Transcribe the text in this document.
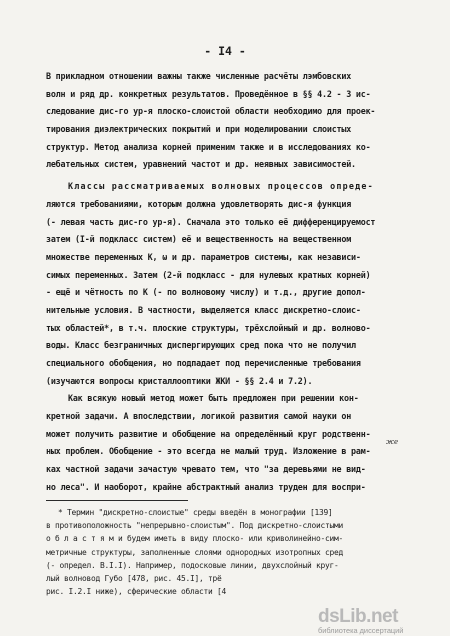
- I4 -
В прикладном отношении важны также численные расчёты лэмбовских
волн и ряд др. конкретных результатов. Проведённое в §§ 4.2 - 3 ис-
следование дис-го ур-я плоско-слоистой области необходимо для проек-
тирования диэлектрических покрытий и при моделировании слоистых
структур. Метод анализа корней применим также и в исследованиях ко-
лебательных систем, уравнений частот и др. неявных зависимостей.
Классы рассматриваемых волновых процессов опреде-
ляются требованиями, которым должна удовлетворять дис-я функция
(- левая часть дис-го ур-я). Сначала это только её дифференцируемост
затем (I-й подкласс систем) её и вещественность на вещественном
множестве переменных K, ω и др. параметров системы, как независи-
симых переменных. Затем (2-й подкласс - для нулевых кратных корней)
- ещё и чётность по K (- по волновому числу) и т.д., другие допол-
нительные условия. В частности, выделяется класс дискретно-слоис-
тых областей*, в т.ч. плоские структуры, трёхслойный и др. волново-
воды. Класс безграничных диспергирующих сред пока что не получил
специального обобщения, но подпадает под перечисленные требования
(изучаются вопросы кристаллооптики ЖКИ - §§ 2.4 и 7.2).
Как всякую новый метод может быть предложен при решении кон-
кретной задачи. А впоследствии, логикой развития самой науки он
может получить развитие и обобщение на определённый круг родственн-
ных проблем. Обобщение - это всегда не малый труд. Изложение в рам-
ках частной задачи зачастую чревато тем, что "за деревьями не вид-
но леса". И наоборот, крайне абстрактный анализ труден для воспри-
же
* Термин "дискретно-слоистые" среды введён в монографии [139]
в противоположность "непрерывно-слоистым". Под дискретно-слоистыми
о б л а с т я м и будем иметь в виду плоско- или криволинейно-сим-
метричные структуры, заполненные слоями однородных изотропных сред
(- определ. В.I.I). Например, подосковые линии, двухслойный круг-
лый волновод Губо [478, рис. 45.I], трё
рис. I.2.I ниже), сферические области [4
dsLib.net
библиотека диссертаций
